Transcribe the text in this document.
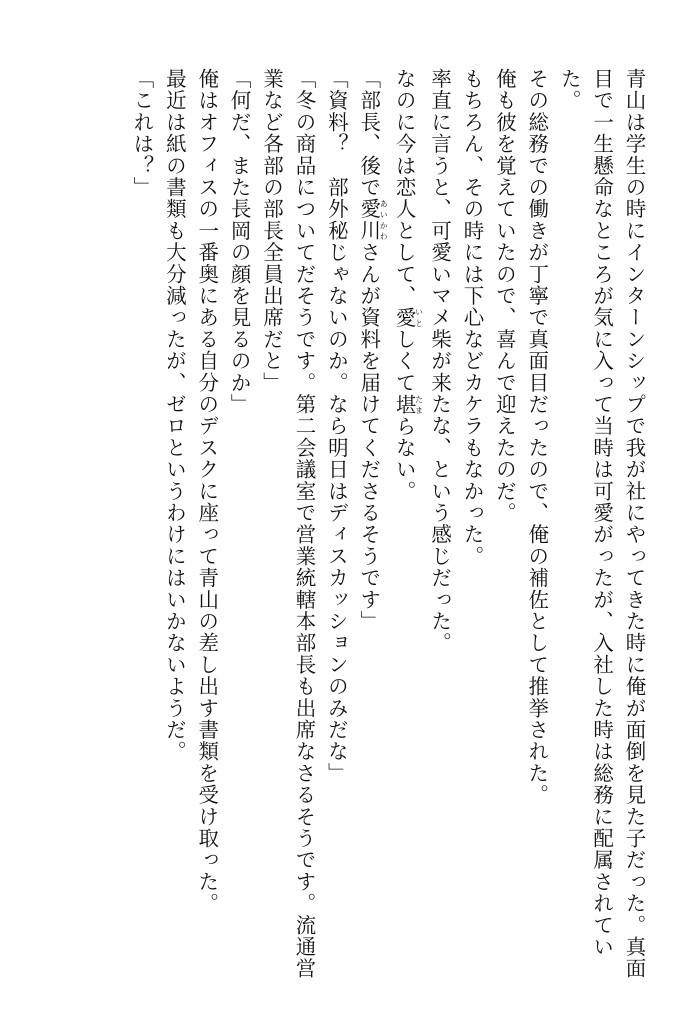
青山は学生の時にインターンシップで我が社にやってきた時に俺が面倒を見た子だった。真面目で一生懸命なところが気に入って当時は可愛がったが、入社した時は総務に配属されていた。

その総務での働きが丁寧で真面目だったので、俺の補佐として推挙された。

俺も彼を覚えていたので、喜んで迎えたのだ。

もちろん、その時には下心などカケラもなかった。

率直に言うと、可愛いマメ柴が来たな、という感じだった。

なのに今は恋人として、愛いとしくて堪たまらない。

「部長、後で愛川あいかわさんが資料を届けてくださるそうです」

「資料？　部外秘じゃないのか。なら明日はディスカッションのみだな」

「冬の商品についてだそうです。第二会議室で営業統轄本部長も出席なさるそうです。流通営業など各部の部長全員出席だと」

「何だ、また長岡の顔を見るのか」

俺はオフィスの一番奥にある自分のデスクに座って青山の差し出す書類を受け取った。

最近は紙の書類も大分減ったが、ゼロというわけにはいかないようだ。

「これは？」
